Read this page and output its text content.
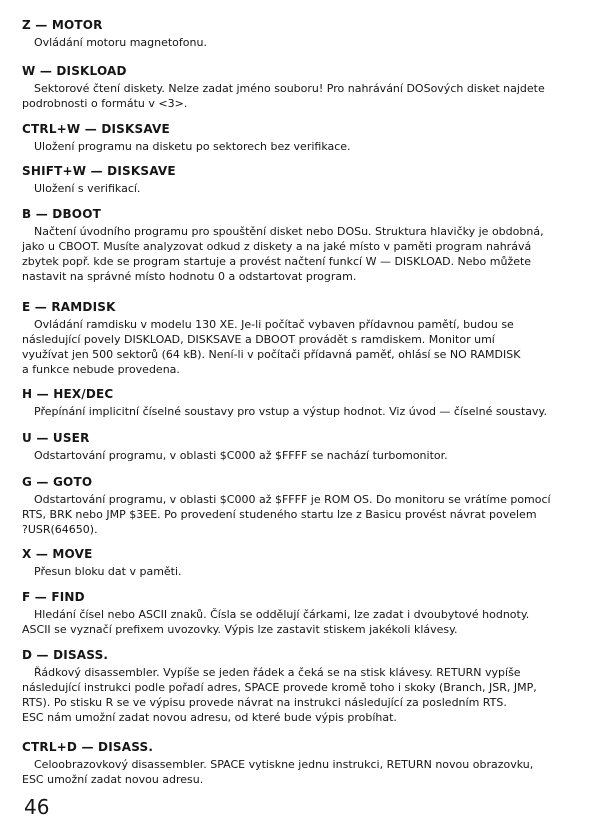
Z — MOTOR
Ovládání motoru magnetofonu.
W — DISKLOAD
Sektorové čtení diskety. Nelze zadat jméno souboru! Pro nahrávání DOSových disket najdete
podrobnosti o formátu v <3>.
CTRL+W — DISKSAVE
Uložení programu na disketu po sektorech bez verifikace.
SHIFT+W — DISKSAVE
Uložení s verifikací.
B — DBOOT
Načtení úvodního programu pro spouštění disket nebo DOSu. Struktura hlavičky je obdobná,
jako u CBOOT. Musíte analyzovat odkud z diskety a na jaké místo v paměti program nahrává
zbytek popř. kde se program startuje a provést načtení funkcí W — DISKLOAD. Nebo můžete
nastavit na správné místo hodnotu 0 a odstartovat program.
E — RAMDISK
Ovládání ramdisku v modelu 130 XE. Je-li počítač vybaven přídavnou pamětí, budou se
následující povely DISKLOAD, DISKSAVE a DBOOT provádět s ramdiskem. Monitor umí
využívat jen 500 sektorů (64 kB). Není-li v počítači přídavná paměť, ohlásí se NO RAMDISK
a funkce nebude provedena.
H — HEX/DEC
Přepínání implicitní číselné soustavy pro vstup a výstup hodnot. Viz úvod — číselné soustavy.
U — USER
Odstartování programu, v oblasti $C000 až $FFFF se nachází turbomonitor.
G — GOTO
Odstartování programu, v oblasti $C000 až $FFFF je ROM OS. Do monitoru se vrátíme pomocí
RTS, BRK nebo JMP $3EE. Po provedení studeného startu lze z Basicu provést návrat povelem
?USR(64650).
X — MOVE
Přesun bloku dat v paměti.
F — FIND
Hledání čísel nebo ASCII znaků. Čísla se oddělují čárkami, lze zadat i dvoubytové hodnoty.
ASCII se vyznačí prefixem uvozovky. Výpis lze zastavit stiskem jakékoli klávesy.
D — DISASS.
Řádkový disassembler. Vypíše se jeden řádek a čeká se na stisk klávesy. RETURN vypíše
následující instrukci podle pořadí adres, SPACE provede kromě toho i skoky (Branch, JSR, JMP,
RTS). Po stisku R se ve výpisu provede návrat na instrukci následující za posledním RTS.
ESC nám umožní zadat novou adresu, od které bude výpis probíhat.
CTRL+D — DISASS.
Celoobrazovkový disassembler. SPACE vytiskne jednu instrukci, RETURN novou obrazovku,
ESC umožní zadat novou adresu.
46
